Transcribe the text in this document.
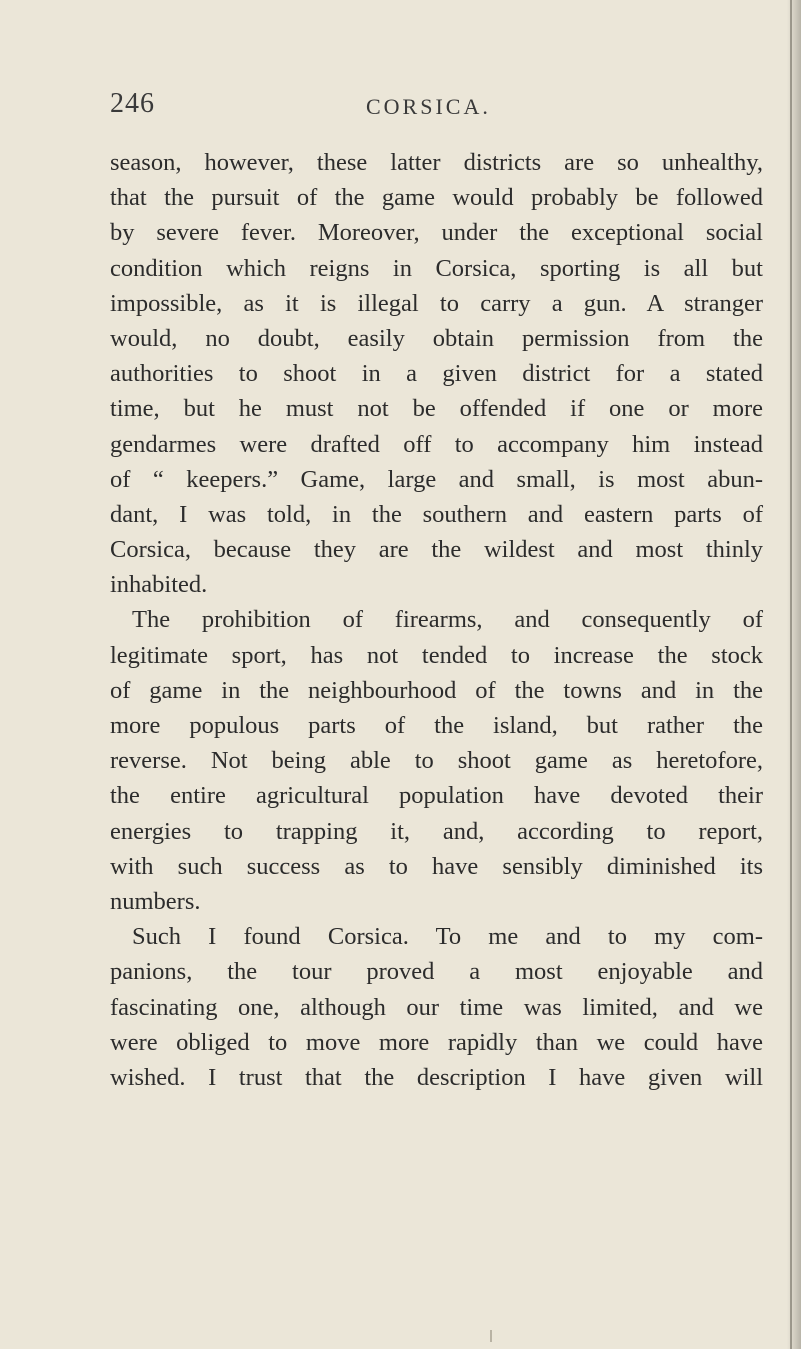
246	CORSICA.
season, however, these latter districts are so unhealthy,
that the pursuit of the game would probably be followed
by severe fever. Moreover, under the exceptional social
condition which reigns in Corsica, sporting is all but
impossible, as it is illegal to carry a gun. A stranger
would, no doubt, easily obtain permission from the
authorities to shoot in a given district for a stated
time, but he must not be offended if one or more
gendarmes were drafted off to accompany him instead
of “ keepers.” Game, large and small, is most abun-
dant, I was told, in the southern and eastern parts of
Corsica, because they are the wildest and most thinly
inhabited.
The prohibition of firearms, and consequently of
legitimate sport, has not tended to increase the stock
of game in the neighbourhood of the towns and in the
more populous parts of the island, but rather the
reverse. Not being able to shoot game as heretofore,
the entire agricultural population have devoted their
energies to trapping it, and, according to report,
with such success as to have sensibly diminished its
numbers.
Such I found Corsica. To me and to my com-
panions, the tour proved a most enjoyable and
fascinating one, although our time was limited, and we
were obliged to move more rapidly than we could have
wished. I trust that the description I have given will
